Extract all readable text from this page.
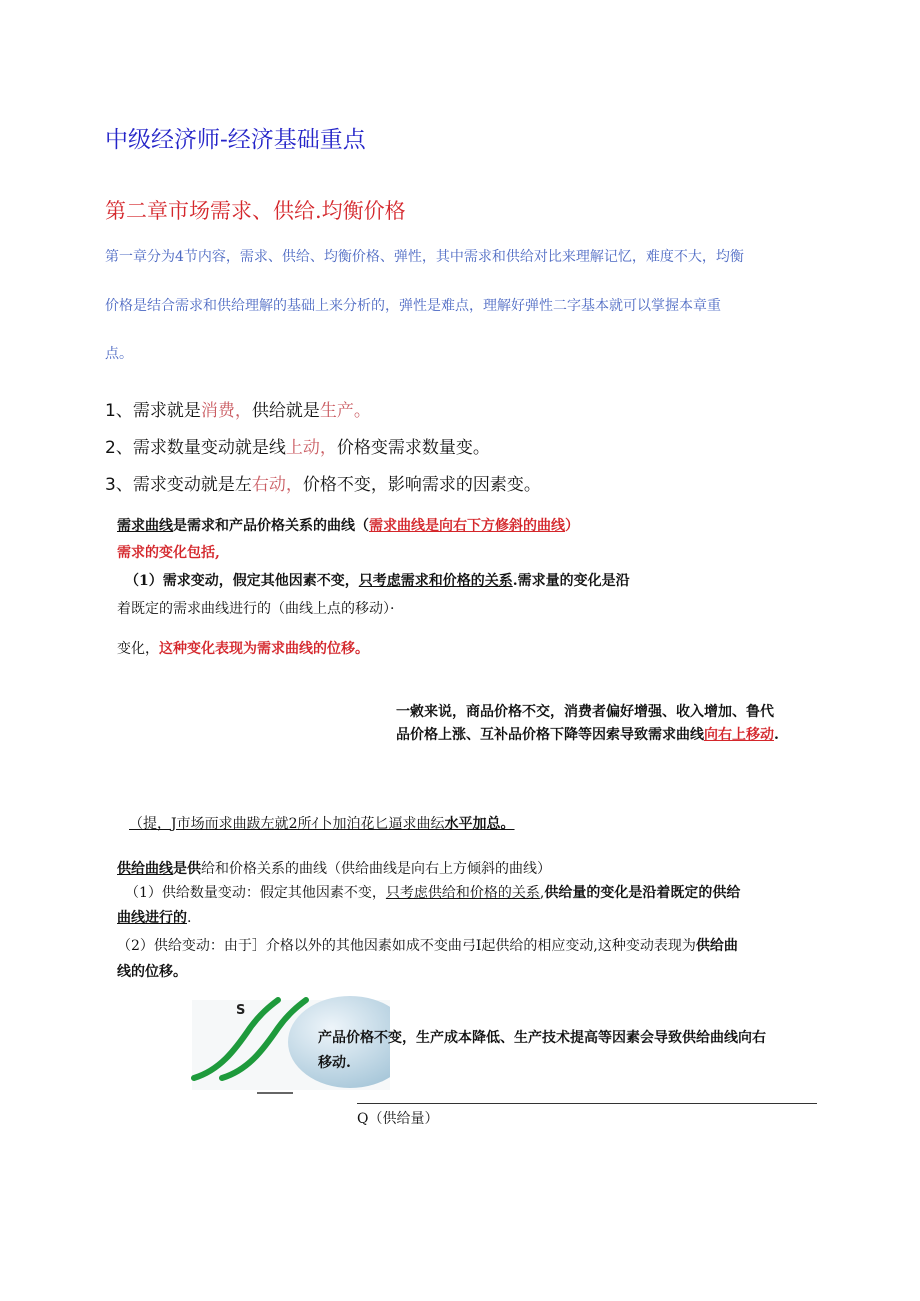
中级经济师-经济基础重点
第二章市场需求、供给.均衡价格
第一章分为4节内容，需求、供给、均衡价格、弹性，其中需求和供给对比来理解记忆，难度不大，均衡
价格是结合需求和供给理解的基础上来分析的，弹性是难点，理解好弹性二字基本就可以掌握本章重
点。
1、需求就是消费，供给就是生产。
2、需求数量变动就是线上动，价格变需求数量变。
3、需求变动就是左右动，价格不变，影响需求的因素变。
需求曲线是需求和产品价格关系的曲线（需求曲线是向右下方修斜的曲线）
需求的变化包括,
（1）需求变动，假定其他因素不变，只考虑需求和价格的关系.需求量的变化是沿
着既定的需求曲线进行的（曲线上点的移动）·
变化，这种变化表现为需求曲线的位移。
一敹来说，商品价格不交，消费者偏好增强、收入增加、鲁代
品价格上涨、互补品价格下降等因索导致需求曲线向右上移动.
（提，J市场而求曲跋左就2所ｲ卜加泊花匕逼求曲纭水平加总。
供给曲线是供给和价格关系的曲线（供给曲线是向右上方倾斜的曲线）
（1）供给数量变动：假定其他因素不变，只考虑供给和价格的关系,供给量的变化是沿着既定的供给
曲线进行的.
（2）供给变动：由于］介格以外的其他因素如成不变曲弓Ⅰ起供给的相应变动,这种变动表现为供给曲
线的位移。
S
产品价格不变，生产成本降低、生产技术提高等因素会导致供给曲线向右
移动.
Q（供给量）
